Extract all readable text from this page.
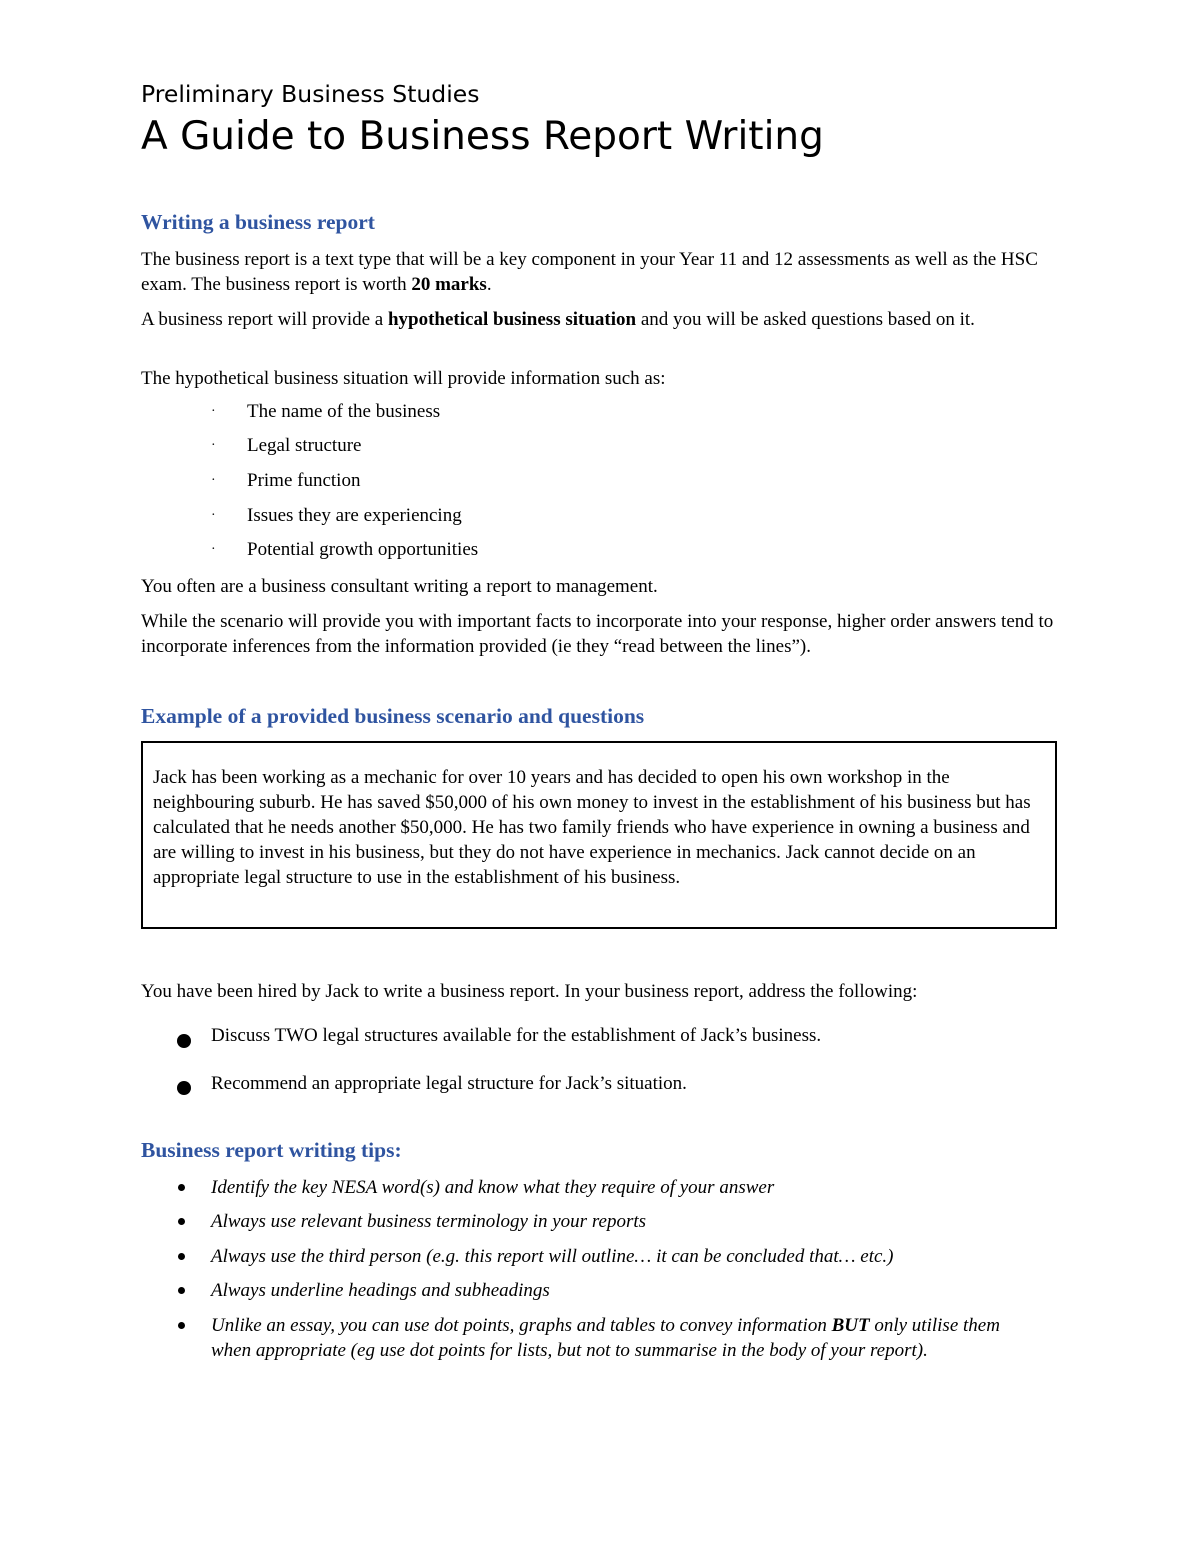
Preliminary Business Studies
A Guide to Business Report Writing
Writing a business report
The business report is a text type that will be a key component in your Year 11 and 12 assessments as well as the HSC exam. The business report is worth 20 marks.
A business report will provide a hypothetical business situation and you will be asked questions based on it.
The hypothetical business situation will provide information such as:
· The name of the business
· Legal structure
· Prime function
· Issues they are experiencing
· Potential growth opportunities
You often are a business consultant writing a report to management.
While the scenario will provide you with important facts to incorporate into your response, higher order answers tend to incorporate inferences from the information provided (ie they “read between the lines”).
Example of a provided business scenario and questions
Jack has been working as a mechanic for over 10 years and has decided to open his own workshop in the neighbouring suburb. He has saved $50,000 of his own money to invest in the establishment of his business but has calculated that he needs another $50,000. He has two family friends who have experience in owning a business and are willing to invest in his business, but they do not have experience in mechanics. Jack cannot decide on an appropriate legal structure to use in the establishment of his business.
You have been hired by Jack to write a business report. In your business report, address the following:
Discuss TWO legal structures available for the establishment of Jack’s business.
Recommend an appropriate legal structure for Jack’s situation.
Business report writing tips:
Identify the key NESA word(s) and know what they require of your answer
Always use relevant business terminology in your reports
Always use the third person (e.g. this report will outline… it can be concluded that… etc.)
Always underline headings and subheadings
Unlike an essay, you can use dot points, graphs and tables to convey information BUT only utilise them when appropriate (eg use dot points for lists, but not to summarise in the body of your report).
